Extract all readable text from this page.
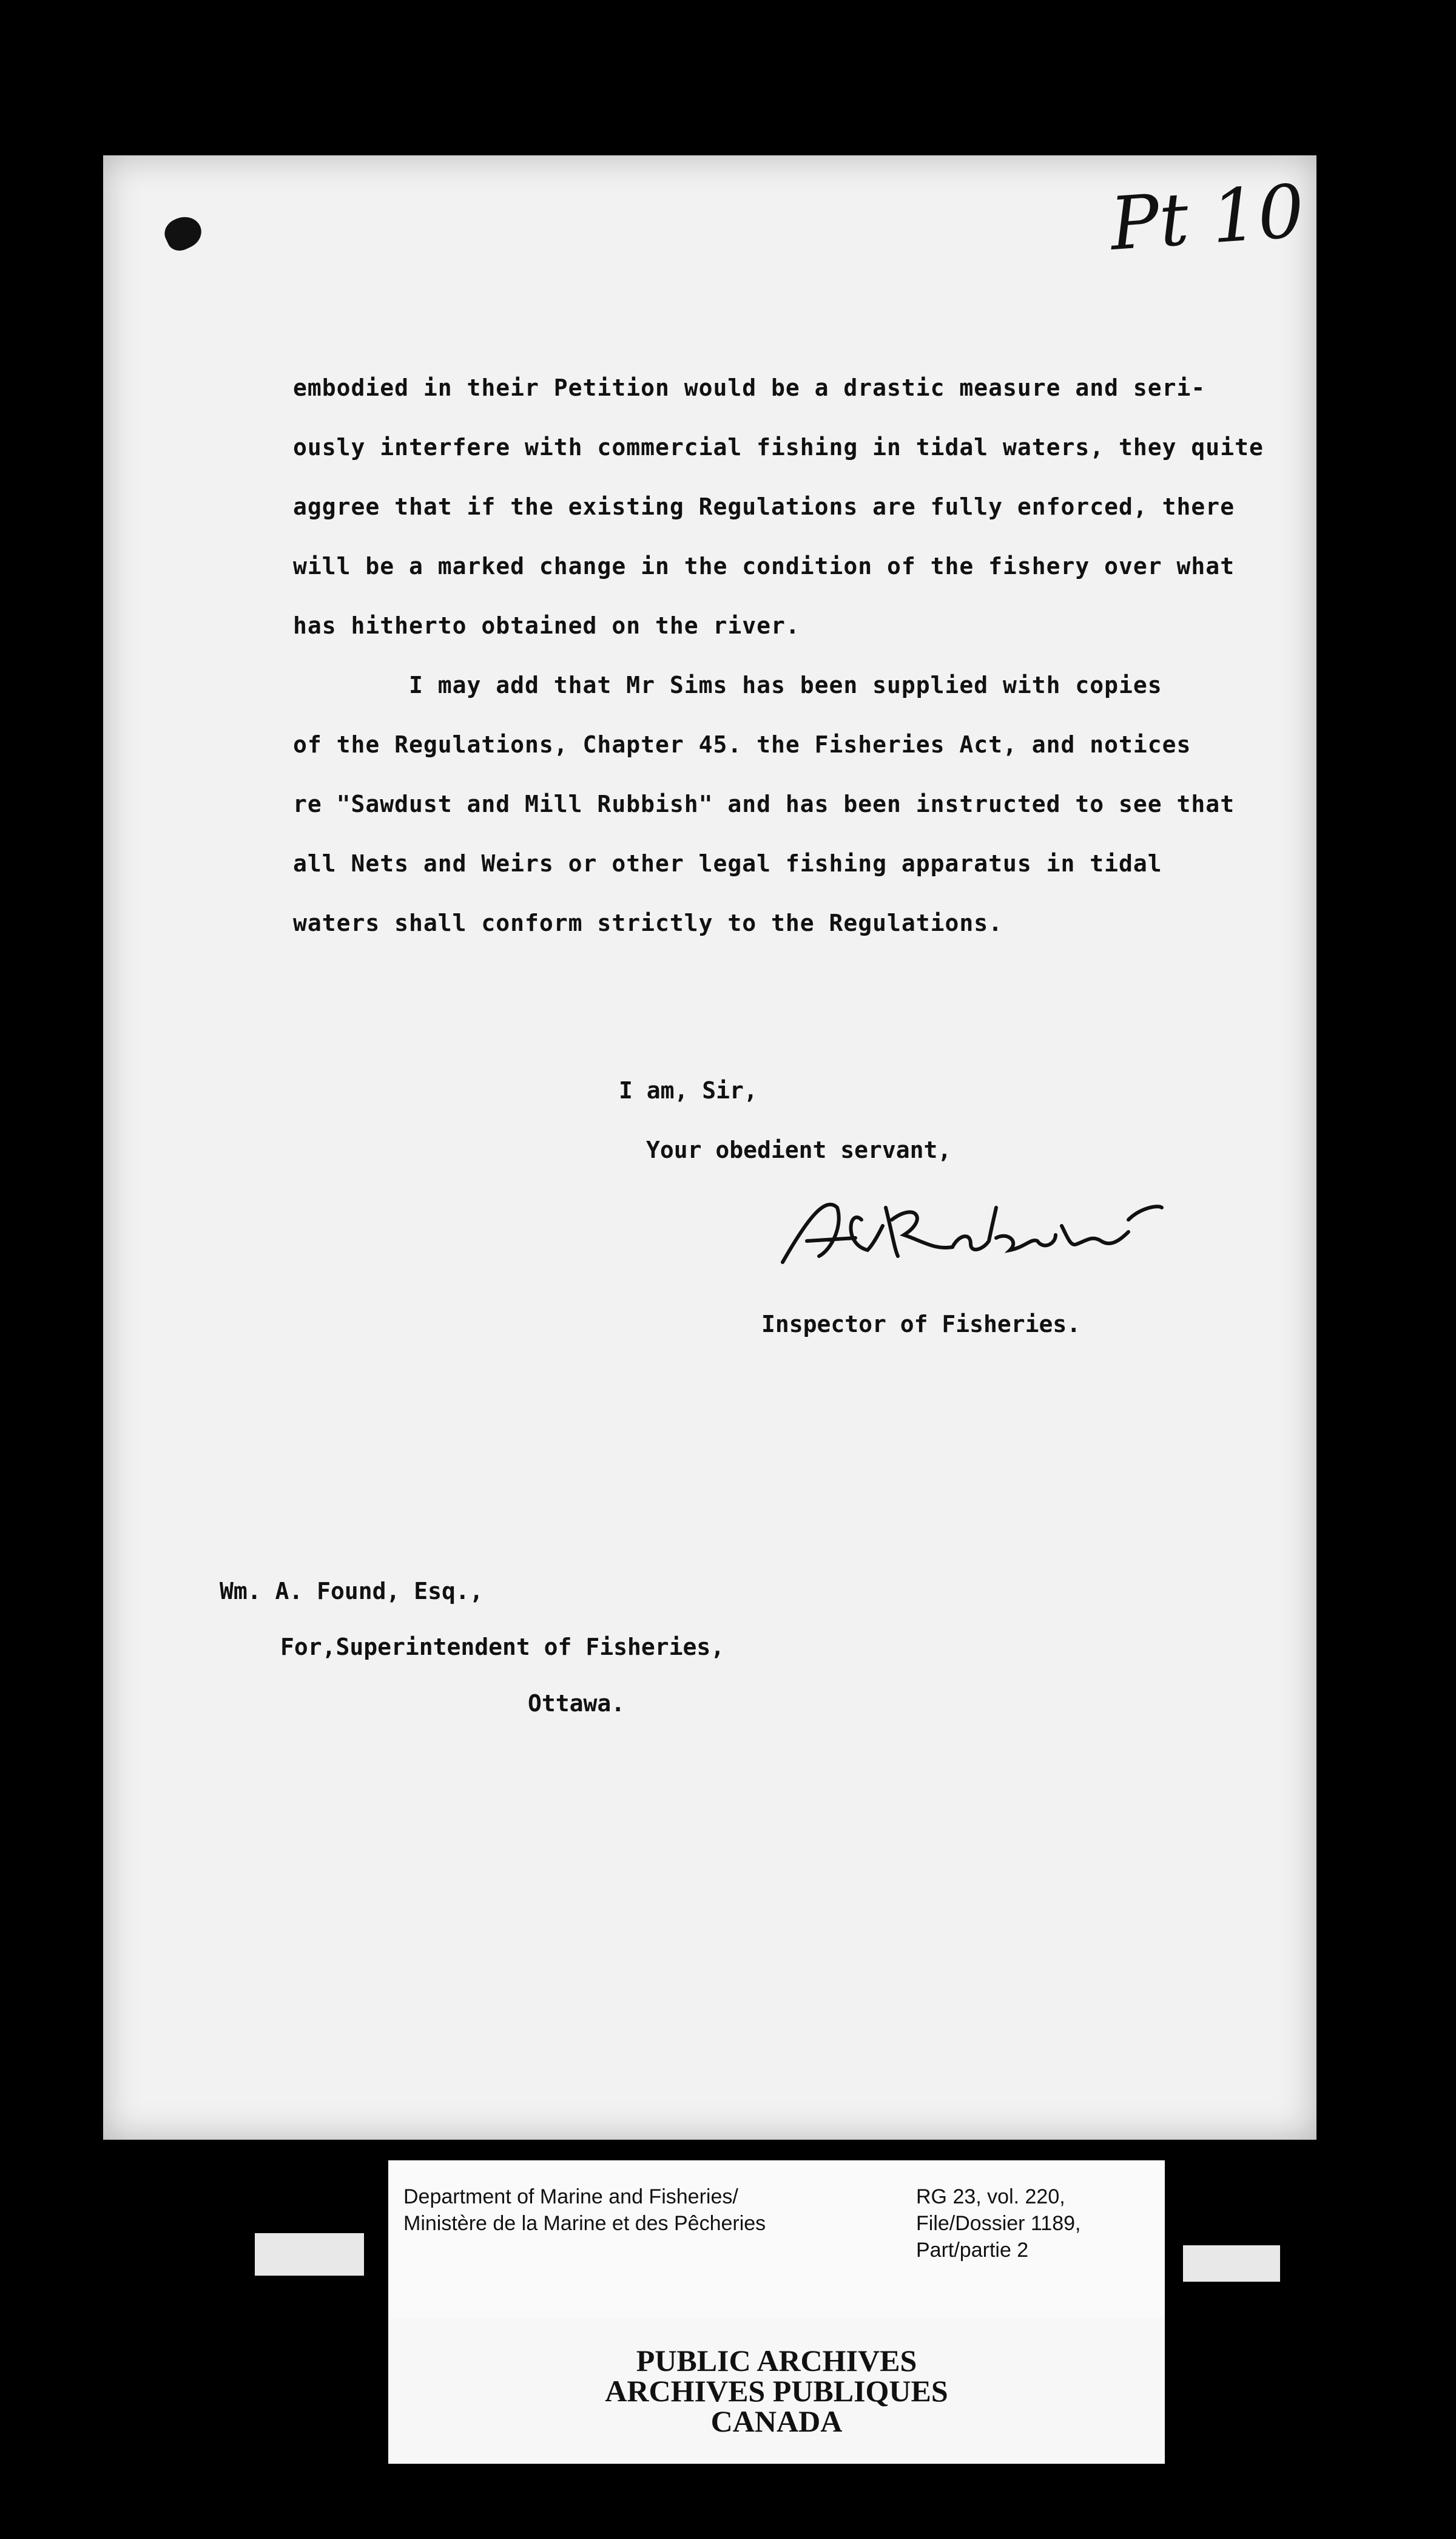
Pt 10
embodied in their Petition would be a drastic measure and seri-
ously interfere with commercial fishing in tidal waters, they quite
aggree that if the existing Regulations are fully enforced, there
will be a marked change in the condition of the fishery over what
has hitherto obtained on the river.
I may add that Mr Sims has been supplied with copies
of the Regulations, Chapter 45. the Fisheries Act, and notices
re "Sawdust and Mill Rubbish" and has been instructed to see that
all Nets and Weirs or other legal fishing apparatus in tidal
waters shall conform strictly to the Regulations.
I am, Sir,
Your obedient servant,
Inspector of Fisheries.
Wm. A. Found, Esq.,
For,Superintendent of Fisheries,
Ottawa.
Department of Marine and Fisheries/
Ministère de la Marine et des Pêcheries
RG 23, vol. 220,
File/Dossier 1189,
Part/partie 2
PUBLIC ARCHIVES
ARCHIVES PUBLIQUES
CANADA
